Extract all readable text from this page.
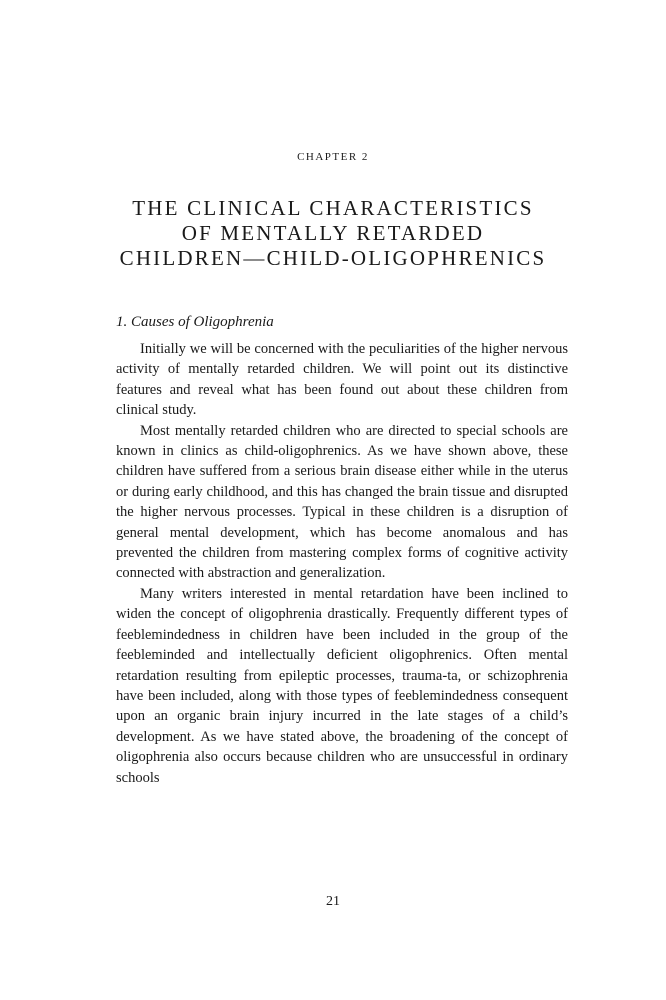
CHAPTER 2
THE CLINICAL CHARACTERISTICS
OF MENTALLY RETARDED
CHILDREN—CHILD-OLIGOPHRENICS
1. Causes of Oligophrenia

Initially we will be concerned with the peculiarities of the higher nervous activity of mentally retarded children. We will point out its distinctive features and reveal what has been found out about these children from clinical study.

Most mentally retarded children who are directed to special schools are known in clinics as child-oligophrenics. As we have shown above, these children have suffered from a serious brain disease either while in the uterus or during early childhood, and this has changed the brain tissue and disrupted the higher nervous processes. Typical in these children is a disruption of general mental development, which has become anomalous and has prevented the children from mastering complex forms of cognitive activity connected with abstraction and generalization.

Many writers interested in mental retardation have been inclined to widen the concept of oligophrenia drastically. Frequently different types of feeblemindedness in children have been included in the group of the feebleminded and intellectually deficient oligophrenics. Often mental retardation resulting from epileptic processes, trauma-ta, or schizophrenia have been included, along with those types of feeblemindedness consequent upon an organic brain injury incurred in the late stages of a child’s development. As we have stated above, the broadening of the concept of oligophrenia also occurs because children who are unsuccessful in ordinary schools

21
